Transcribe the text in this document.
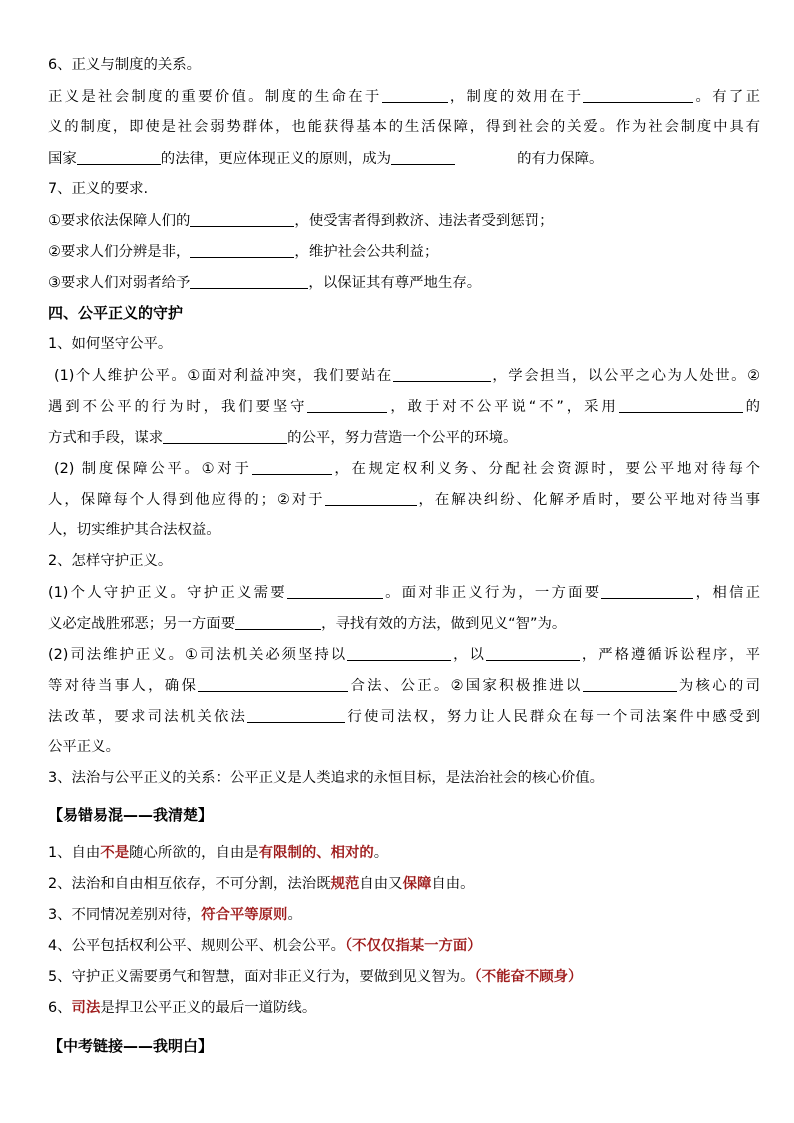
6、正义与制度的关系。
正义是社会制度的重要价值。制度的生命在于	，制度的效用在于	。有了正
义的制度，即使是社会弱势群体，也能获得基本的生活保障，得到社会的关爱。作为社会制度中具有
国家	的法律，更应体现正义的原则，成为	的有力保障。
7、正义的要求.
①要求依法保障人们的	，使受害者得到救济、违法者受到惩罚；
②要求人们分辨是非，	，维护社会公共利益；
③要求人们对弱者给予	，以保证其有尊严地生存。
四、公平正义的守护
1、如何坚守公平。
(1)个人维护公平。①面对利益冲突，我们要站在	，学会担当，以公平之心为人处世。②
遇到不公平的行为时，我们要坚守	，敢于对不公平说“不”，采用	的
方式和手段，谋求	的公平，努力营造一个公平的环境。
(2) 制度保障公平。①对于	，在规定权利义务、分配社会资源时，要公平地对待每个
人，保障每个人得到他应得的；②对于	，在解决纠纷、化解矛盾时，要公平地对待当事
人，切实维护其合法权益。
2、怎样守护正义。
(1)个人守护正义。守护正义需要	。面对非正义行为，一方面要	，相信正
义必定战胜邪恶；另一方面要	，寻找有效的方法，做到见义“智”为。
(2)司法维护正义。①司法机关必须坚持以	，以	，严格遵循诉讼程序，平
等对待当事人，确保	合法、公正。②国家积极推进以	为核心的司
法改革，要求司法机关依法	行使司法权，努力让人民群众在每一个司法案件中感受到
公平正义。
3、法治与公平正义的关系：公平正义是人类追求的永恒目标，是法治社会的核心价值。
【易错易混——我清楚】
1、自由不是随心所欲的，自由是有限制的、相对的。
2、法治和自由相互依存，不可分割，法治既规范自由又保障自由。
3、不同情况差别对待，符合平等原则。
4、公平包括权利公平、规则公平、机会公平。（不仅仅指某一方面）
5、守护正义需要勇气和智慧，面对非正义行为，要做到见义智为。（不能奋不顾身）
6、司法是捍卫公平正义的最后一道防线。
【中考链接——我明白】
